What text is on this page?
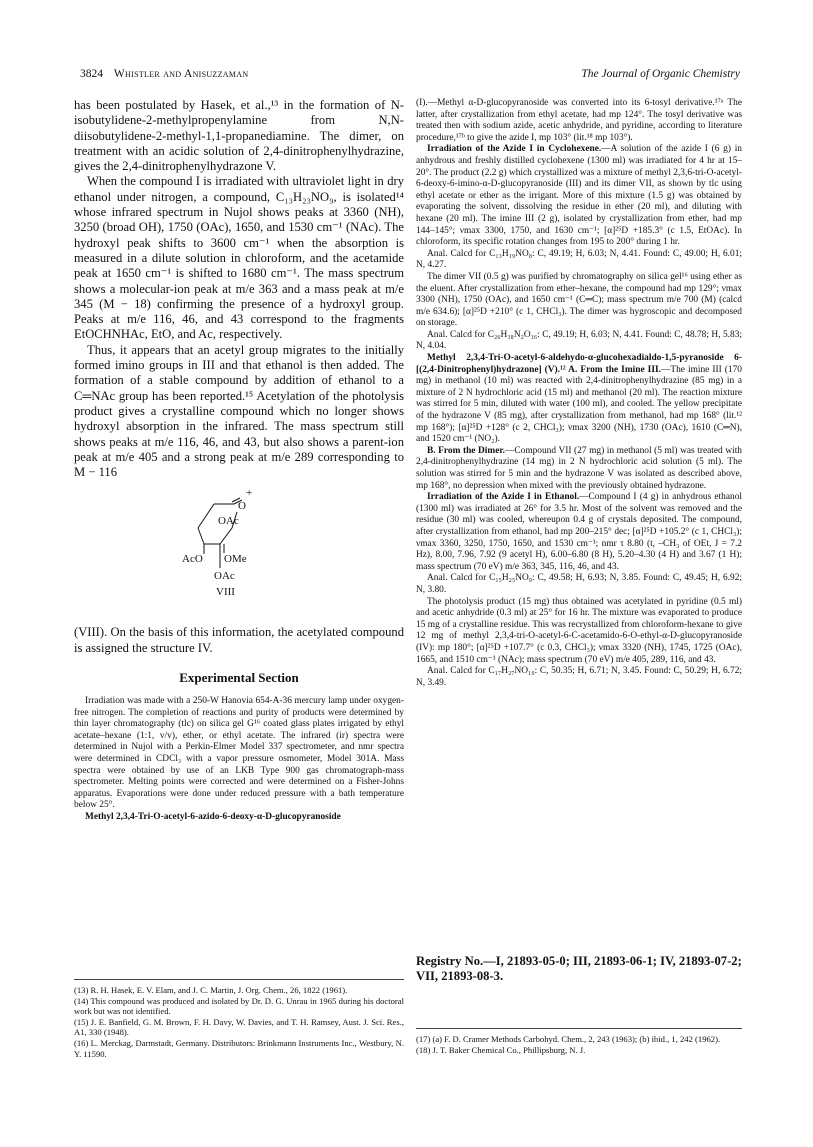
3824 Whistler and Anisuzzaman	The Journal of Organic Chemistry

has been postulated by Hasek, et al.,¹³ in the formation of N-isobutylidene-2-methylpropenylamine from N,N-diisobutylidene-2-methyl-1,1-propanediamine. The dimer, on treatment with an acidic solution of 2,4-dinitrophenylhydrazine, gives the 2,4-dinitrophenylhydrazone V.

When the compound I is irradiated with ultraviolet light in dry ethanol under nitrogen, a compound, C₁₃H₂₃NO₉, is isolated¹⁴ whose infrared spectrum in Nujol shows peaks at 3360 (NH), 3250 (broad OH), 1750 (OAc), 1650, and 1530 cm⁻¹ (NAc). The hydroxyl peak shifts to 3600 cm⁻¹ when the absorption is measured in a dilute solution in chloroform, and the acetamide peak at 1650 cm⁻¹ is shifted to 1680 cm⁻¹. The mass spectrum shows a molecular-ion peak at m/e 363 and a mass peak at m/e 345 (M − 18) confirming the presence of a hydroxyl group. Peaks at m/e 116, 46, and 43 correspond to the fragments EtOCHNHAc, EtO, and Ac, respectively.

Thus, it appears that an acetyl group migrates to the initially formed imino groups in III and that ethanol is then added. The formation of a stable compound by addition of ethanol to a C═NAc group has been reported.¹⁵ Acetylation of the photolysis product gives a crystalline compound which no longer shows hydroxyl absorption in the infrared. The mass spectrum still shows peaks at m/e 116, 46, and 43, but also shows a parent-ion peak at m/e 405 and a strong peak at m/e 289 corresponding to M − 116

+
O
OAc
AcO OMe
OAc
VIII

(VIII). On the basis of this information, the acetylated compound is assigned the structure IV.

Experimental Section

Irradiation was made with a 250-W Hanovia 654-A-36 mercury lamp under oxygen-free nitrogen. The completion of reactions and purity of products were determined by thin layer chromatography (tlc) on silica gel G¹⁶ coated glass plates irrigated by ethyl acetate–hexane (1:1, v/v), ether, or ethyl acetate. The infrared (ir) spectra were determined in Nujol with a Perkin-Elmer Model 337 spectrometer, and nmr spectra were determined in CDCl₃ with a vapor pressure osmometer, Model 301A. Mass spectra were obtained by use of an LKB Type 900 gas chromatograph-mass spectrometer. Melting points were corrected and were determined on a Fisher-Johns apparatus. Evaporations were done under reduced pressure with a bath temperature below 25°.

Methyl 2,3,4-Tri-O-acetyl-6-azido-6-deoxy-α-D-glucopyranoside

(I).—Methyl α-D-glucopyranoside was converted into its 6-tosyl derivative.¹⁷ᵃ The latter, after crystallization from ethyl acetate, had mp 124°. The tosyl derivative was treated then with sodium azide, acetic anhydride, and pyridine, according to literature procedure,¹⁷ᵇ to give the azide I, mp 103° (lit.¹⁸ mp 103°).

Irradiation of the Azide I in Cyclohexene.—A solution of the azide I (6 g) in anhydrous and freshly distilled cyclohexene (1300 ml) was irradiated for 4 hr at 15–20°. The product (2.2 g) which crystallized was a mixture of methyl 2,3,6-tri-O-acetyl-6-deoxy-6-imino-α-D-glucopyranoside (III) and its dimer VII, as shown by tlc using ethyl acetate or ether as the irrigant. More of this mixture (1.5 g) was obtained by evaporating the solvent, dissolving the residue in ether (20 ml), and diluting with hexane (20 ml). The imine III (2 g), isolated by crystallization from ether, had mp 144–145°; νmax 3300, 1750, and 1630 cm⁻¹; [α]²⁵D +185.3° (c 1.5, EtOAc). In chloroform, its specific rotation changes from 195 to 200° during 1 hr.

Anal. Calcd for C₁₃H₁₉NO₈: C, 49.19; H, 6.03; N, 4.41. Found: C, 49.00; H, 6.01; N, 4.27.

The dimer VII (0.5 g) was purified by chromatography on silica gel¹⁶ using ether as the eluent. After crystallization from ether–hexane, the compound had mp 129°; νmax 3300 (NH), 1750 (OAc), and 1650 cm⁻¹ (C═C); mass spectrum m/e 700 (M) (calcd m/e 634.6); [α]²⁵D +210° (c 1, CHCl₃). The dimer was hygroscopic and decomposed on storage.

Anal. Calcd for C₂₆H₃₈N₂O₁₆: C, 49.19; H, 6.03; N, 4.41. Found: C, 48.78; H, 5.83; N, 4.04.

Methyl 2,3,4-Tri-O-acetyl-6-aldehydo-α-glucohexadialdo-1,5-pyranoside 6-[(2,4-Dinitrophenyl)hydrazone] (V).¹² A. From the Imine III.—The imine III (170 mg) in methanol (10 ml) was reacted with 2,4-dinitrophenylhydrazine (85 mg) in a mixture of 2 N hydrochloric acid (15 ml) and methanol (20 ml). The reaction mixture was stirred for 5 min, diluted with water (100 ml), and cooled. The yellow precipitate of the hydrazone V (85 mg), after crystallization from methanol, had mp 168° (lit.¹² mp 168°); [α]²⁵D +128° (c 2, CHCl₃); νmax 3200 (NH), 1730 (OAc), 1610 (C═N), and 1520 cm⁻¹ (NO₂).

B. From the Dimer.—Compound VII (27 mg) in methanol (5 ml) was treated with 2,4-dinitrophenylhydrazine (14 mg) in 2 N hydrochloric acid solution (5 ml). The solution was stirred for 5 min and the hydrazone V was isolated as described above, mp 168°, no depression when mixed with the previously obtained hydrazone.

Irradiation of the Azide I in Ethanol.—Compound I (4 g) in anhydrous ethanol (1300 ml) was irradiated at 26° for 3.5 hr. Most of the solvent was removed and the residue (30 ml) was cooled, whereupon 0.4 g of crystals deposited. The compound, after crystallization from ethanol, had mp 200–215° dec; [α]²⁵D +105.2° (c 1, CHCl₃); νmax 3360, 3250, 1750, 1650, and 1530 cm⁻¹; nmr τ 8.80 (t, –CH₃ of OEt, J = 7.2 Hz), 8.00, 7.96, 7.92 (9 acetyl H), 6.00–6.80 (8 H), 5.20–4.30 (4 H) and 3.67 (1 H); mass spectrum (70 eV) m/e 363, 345, 116, 46, and 43.

Anal. Calcd for C₁₅H₂₅NO₉: C, 49.58; H, 6.93; N, 3.85. Found: C, 49.45; H, 6.92; N, 3.80.

The photolysis product (15 mg) thus obtained was acetylated in pyridine (0.5 ml) and acetic anhydride (0.3 ml) at 25° for 16 hr. The mixture was evaporated to produce 15 mg of a crystalline residue. This was recrystallized from chloroform-hexane to give 12 mg of methyl 2,3,4-tri-O-acetyl-6-C-acetamido-6-O-ethyl-α-D-glucopyranoside (IV): mp 180°; [α]²⁵D +107.7° (c 0.3, CHCl₃); νmax 3320 (NH), 1745, 1725 (OAc), 1665, and 1510 cm⁻¹ (NAc); mass spectrum (70 eV) m/e 405, 289, 116, and 43.

Anal. Calcd for C₁₇H₂₇NO₁₀: C, 50.35; H, 6.71; N, 3.45. Found: C, 50.29; H, 6.72; N, 3.49.

Registry No.—I, 21893-05-0; III, 21893-06-1; IV, 21893-07-2; VII, 21893-08-3.

(13) R. H. Hasek, E. V. Elam, and J. C. Martin, J. Org. Chem., 26, 1822 (1961).

(14) This compound was produced and isolated by Dr. D. G. Unrau in 1965 during his doctoral work but was not identified.

(15) J. E. Banfield, G. M. Brown, F. H. Davy, W. Davies, and T. H. Ramsey, Aust. J. Sci. Res., A1, 330 (1948).

(16) L. Merckag, Darmstadt, Germany. Distributors: Brinkmann Instruments Inc., Westbury, N. Y. 11590.

(17) (a) F. D. Cramer Methods Carbohyd. Chem., 2, 243 (1963); (b) ibid., 1, 242 (1962).

(18) J. T. Baker Chemical Co., Phillipsburg, N. J.
